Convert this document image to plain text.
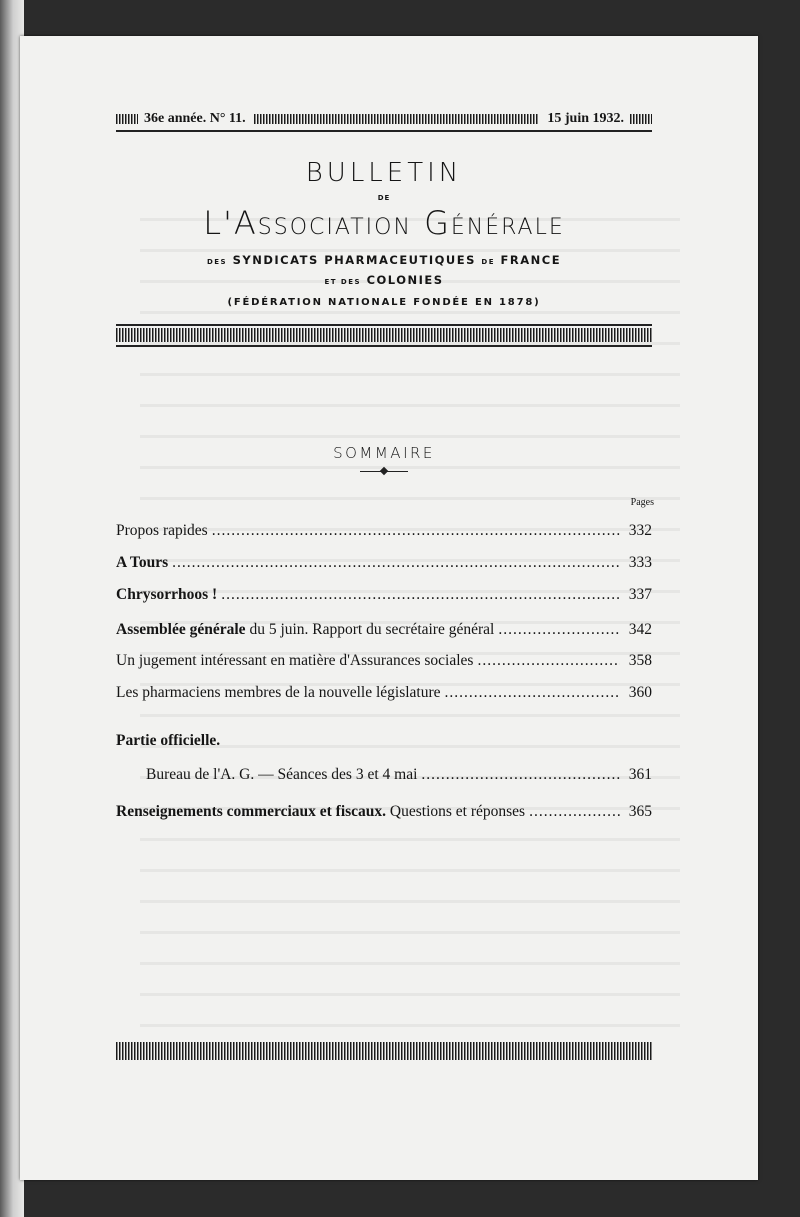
36e année. N° 11.	15 juin 1932.
BULLETIN
DE
L'Association Générale
DES SYNDICATS PHARMACEUTIQUES DE FRANCE
ET DES COLONIES
(FÉDÉRATION NATIONALE FONDÉE EN 1878)
SOMMAIRE
Pages
Propos rapides .....	332
A Tours .....	333
Chrysorrhoos ! .....	337
Assemblée générale du 5 juin. Rapport du secrétaire général .....	342
Un jugement intéressant en matière d'Assurances sociales .....	358
Les pharmaciens membres de la nouvelle législature .....	360
Partie officielle.
Bureau de l'A. G. — Séances des 3 et 4 mai .....	361
Renseignements commerciaux et fiscaux. Questions et réponses .....	365
